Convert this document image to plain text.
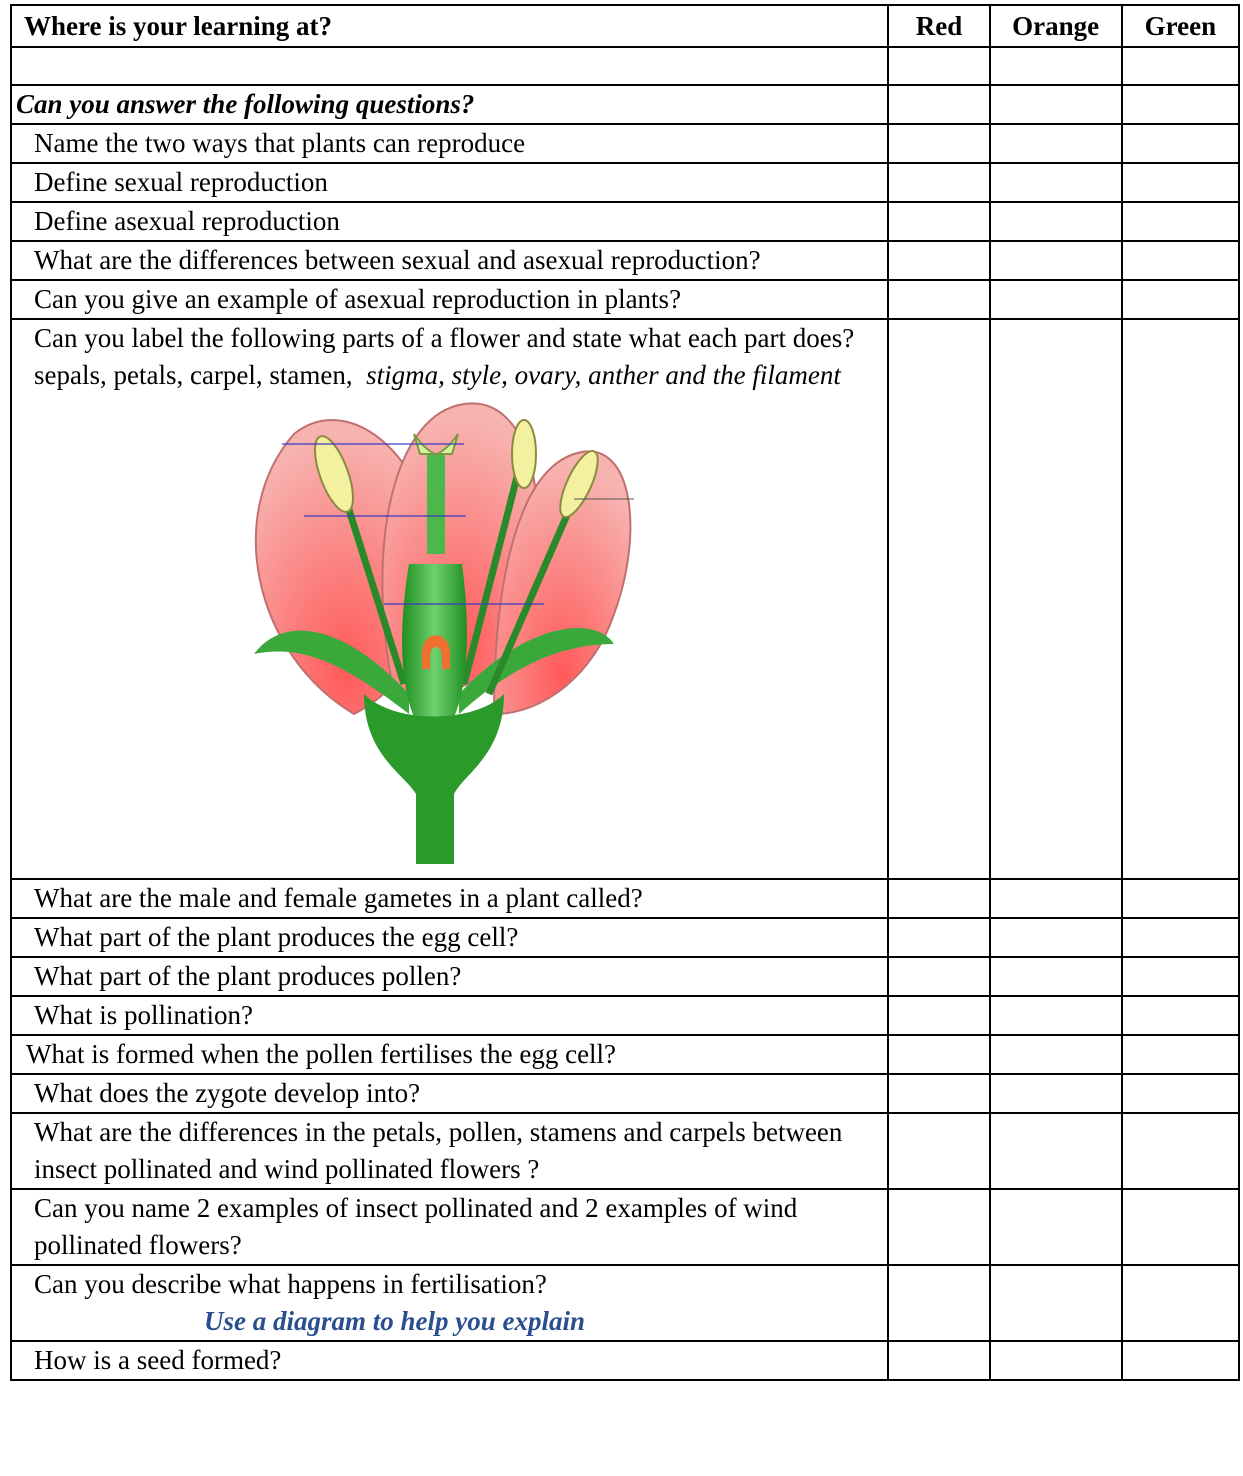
Where is your learning at?	Red	Orange	Green

Can you answer the following questions?			
Name the two ways that plants can reproduce			
Define sexual reproduction			
Define asexual reproduction			
What are the differences between sexual and asexual reproduction?			
Can you give an example of asexual reproduction in plants?			

Can you label the following parts of a flower and state what each part does?
sepals, petals, carpel, stamen, stigma, style, ovary, anther and the filament			

What are the male and female gametes in a plant called?			
What part of the plant produces the egg cell?			
What part of the plant produces pollen?			
What is pollination?			
What is formed when the pollen fertilises the egg cell?			
What does the zygote develop into?			
What are the differences in the petals, pollen, stamens and carpels between insect pollinated and wind pollinated flowers ?			
Can you name 2 examples of insect pollinated and 2 examples of wind pollinated flowers?			

Can you describe what happens in fertilisation?
Use a diagram to help you explain			

How is a seed formed?			
